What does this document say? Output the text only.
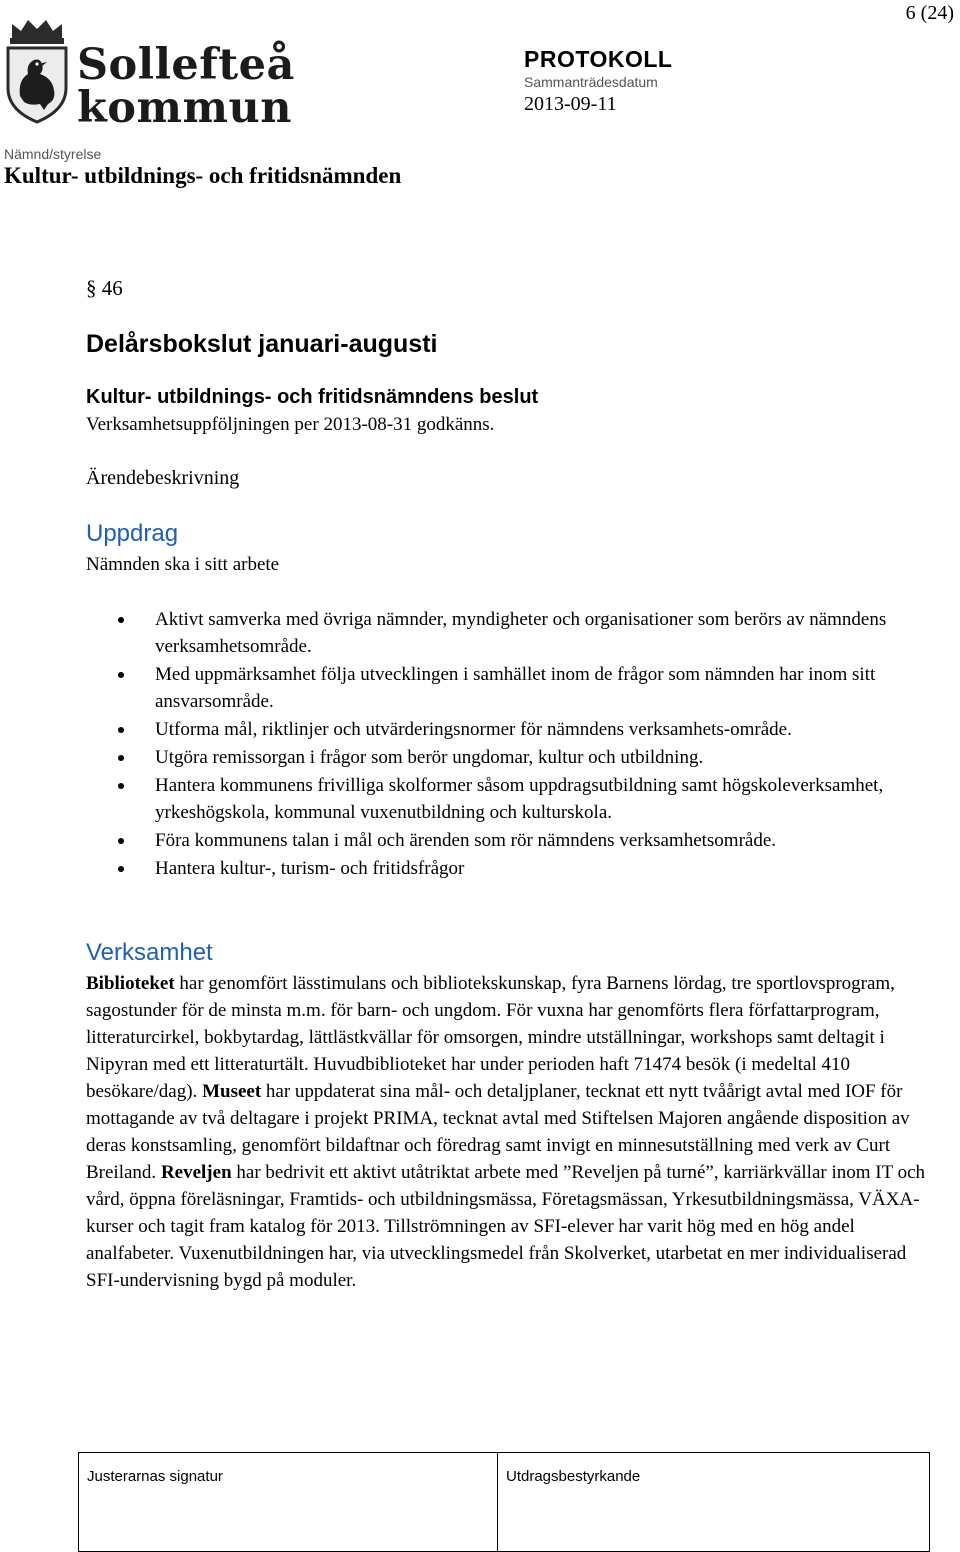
6 (24)
Sollefteå
kommun
PROTOKOLL
Sammanträdesdatum
2013-09-11
Nämnd/styrelse
Kultur- utbildnings- och fritidsnämnden
§ 46
Delårsbokslut januari-augusti
Kultur- utbildnings- och fritidsnämndens beslut
Verksamhetsuppföljningen per 2013-08-31 godkänns.
Ärendebeskrivning
Uppdrag
Nämnden ska i sitt arbete
Aktivt samverka med övriga nämnder, myndigheter och organisationer som berörs av nämndens verksamhetsområde.
Med uppmärksamhet följa utvecklingen i samhället inom de frågor som nämnden har inom sitt ansvarsområde.
Utforma mål, riktlinjer och utvärderingsnormer för nämndens verksamhets-område.
Utgöra remissorgan i frågor som berör ungdomar, kultur och utbildning.
Hantera kommunens frivilliga skolformer såsom uppdragsutbildning samt högskoleverksamhet, yrkeshögskola, kommunal vuxenutbildning och kulturskola.
Föra kommunens talan i mål och ärenden som rör nämndens verksamhetsområde.
Hantera kultur-, turism- och fritidsfrågor
Verksamhet

Biblioteket har genomfört lässtimulans och bibliotekskunskap, fyra Barnens lördag, tre sportlovsprogram, sagostunder för de minsta m.m. för barn- och ungdom. För vuxna har genomförts flera författarprogram, litteraturcirkel, bokbytardag, lättlästkvällar för omsorgen, mindre utställningar, workshops samt deltagit i Nipyran med ett litteraturtält. Huvudbiblioteket har under perioden haft 71474 besök (i medeltal 410 besökare/dag). Museet har uppdaterat sina mål- och detaljplaner, tecknat ett nytt tvåårigt avtal med IOF för mottagande av två deltagare i projekt PRIMA, tecknat avtal med Stiftelsen Majoren angående disposition av deras konstsamling, genomfört bildaftnar och föredrag samt invigt en minnesutställning med verk av Curt Breiland. Reveljen har bedrivit ett aktivt utåtriktat arbete med ”Reveljen på turné”, karriärkvällar inom IT och vård, öppna föreläsningar, Framtids- och utbildningsmässa, Företagsmässan, Yrkesutbildningsmässa, VÄXA-kurser och tagit fram katalog för 2013. Tillströmningen av SFI-elever har varit hög med en hög andel analfabeter. Vuxenutbildningen har, via utvecklingsmedel från Skolverket, utarbetat en mer individualiserad SFI-undervisning bygd på moduler.

Justerarnas signatur	Utdragsbestyrkande
